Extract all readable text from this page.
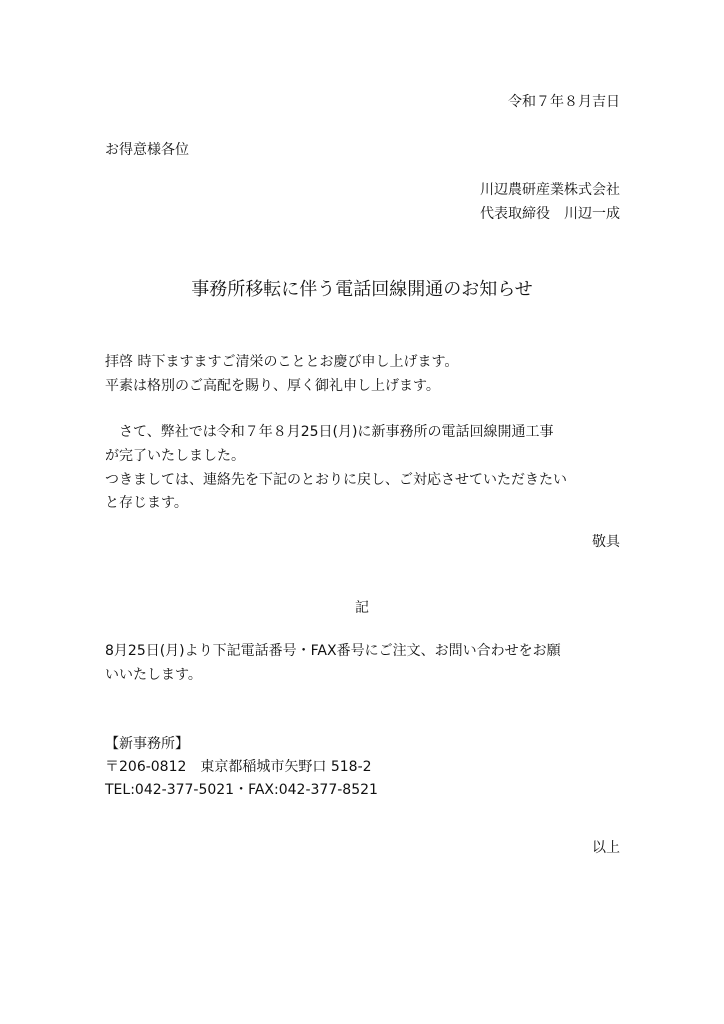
令和７年８月吉日

お得意様各位

川辺農研産業株式会社

代表取締役　川辺一成

事務所移転に伴う電話回線開通のお知らせ

拝啓 時下ますますご清栄のこととお慶び申し上げます。

平素は格別のご高配を賜り、厚く御礼申し上げます。

　さて、弊社では令和７年８月25日(月)に新事務所の電話回線開通工事

が完了いたしました。

つきましては、連絡先を下記のとおりに戻し、ご対応させていただきたい

と存じます。

敬具

記

8月25日(月)より下記電話番号・FAX番号にご注文、お問い合わせをお願

いいたします。

【新事務所】

〒206-0812　東京都稲城市矢野口 518-2

TEL:042-377-5021・FAX:042-377-8521

以上
